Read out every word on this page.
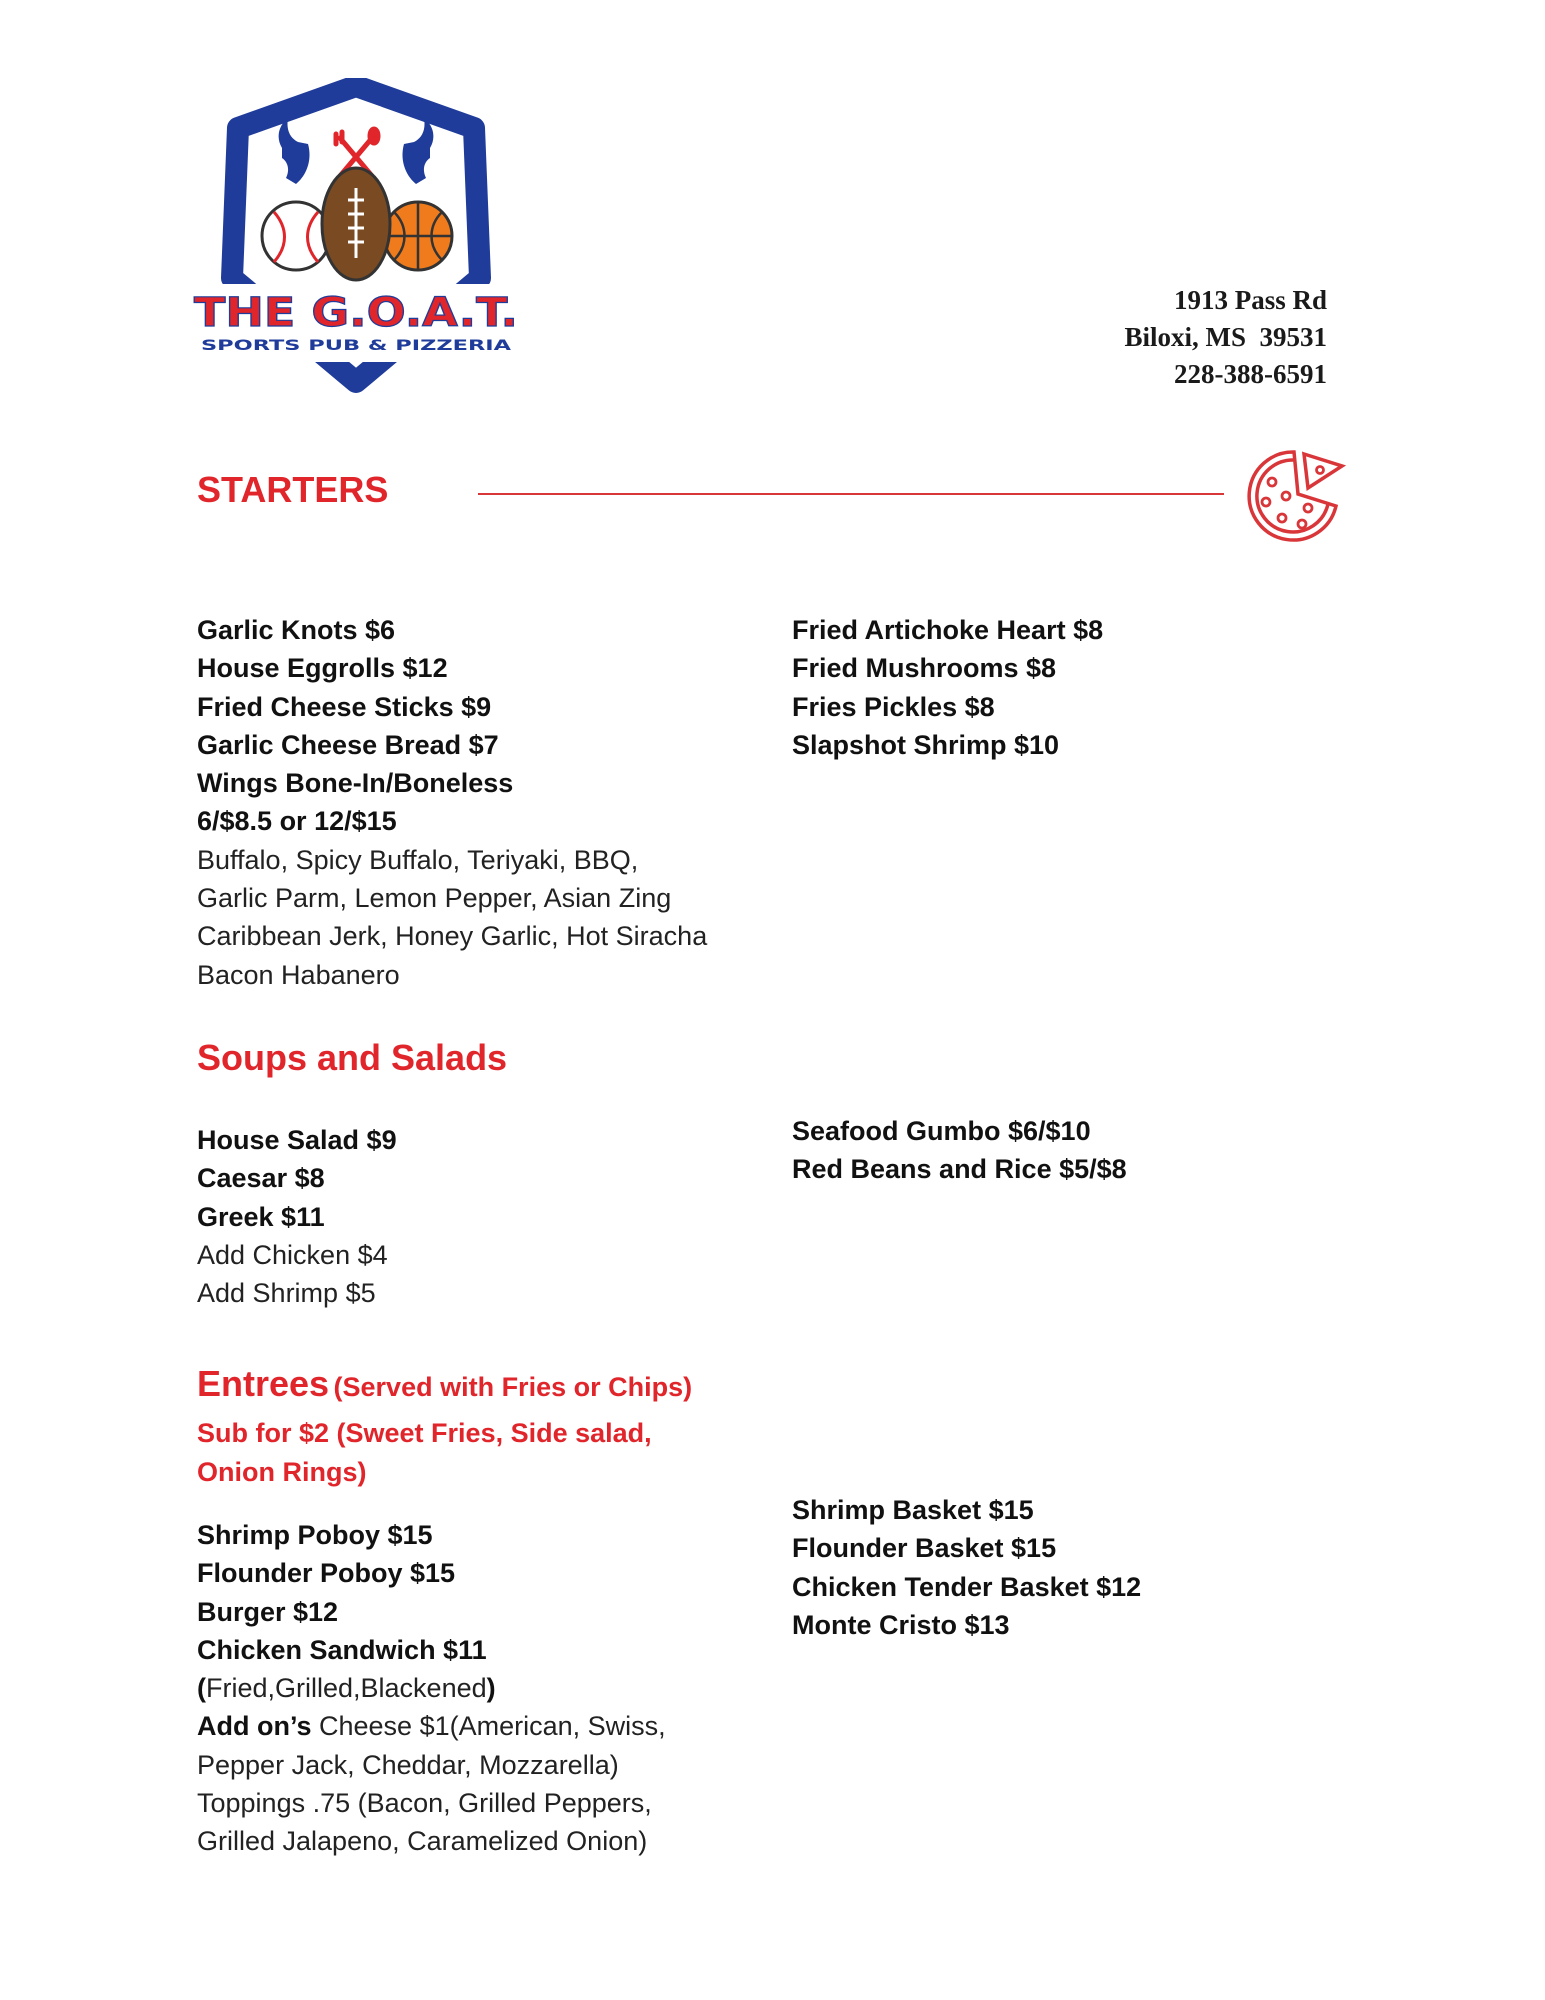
THE G.O.A.T.
SPORTS PUB & PIZZERIA
1913 Pass Rd
Biloxi, MS  39531
228-388-6591
STARTERS
Garlic Knots $6
House Eggrolls $12
Fried Cheese Sticks $9
Garlic Cheese Bread $7
Wings Bone-In/Boneless
6/$8.5 or 12/$15
Buffalo, Spicy Buffalo, Teriyaki, BBQ,
Garlic Parm, Lemon Pepper, Asian Zing
Caribbean Jerk, Honey Garlic, Hot Siracha
Bacon Habanero
Fried Artichoke Heart $8
Fried Mushrooms $8
Fries Pickles $8
Slapshot Shrimp $10
Soups and Salads
House Salad $9
Caesar $8
Greek $11
Add Chicken $4
Add Shrimp $5
Seafood Gumbo $6/$10
Red Beans and Rice $5/$8
Entrees (Served with Fries or Chips)
Sub for $2 (Sweet Fries, Side salad,
Onion Rings)
Shrimp Poboy $15
Flounder Poboy $15
Burger $12
Chicken Sandwich $11
(Fried,Grilled,Blackened)
Add on’s Cheese $1(American, Swiss,
Pepper Jack, Cheddar, Mozzarella)
Toppings .75 (Bacon, Grilled Peppers,
Grilled Jalapeno, Caramelized Onion)
Shrimp Basket $15
Flounder Basket $15
Chicken Tender Basket $12
Monte Cristo $13
